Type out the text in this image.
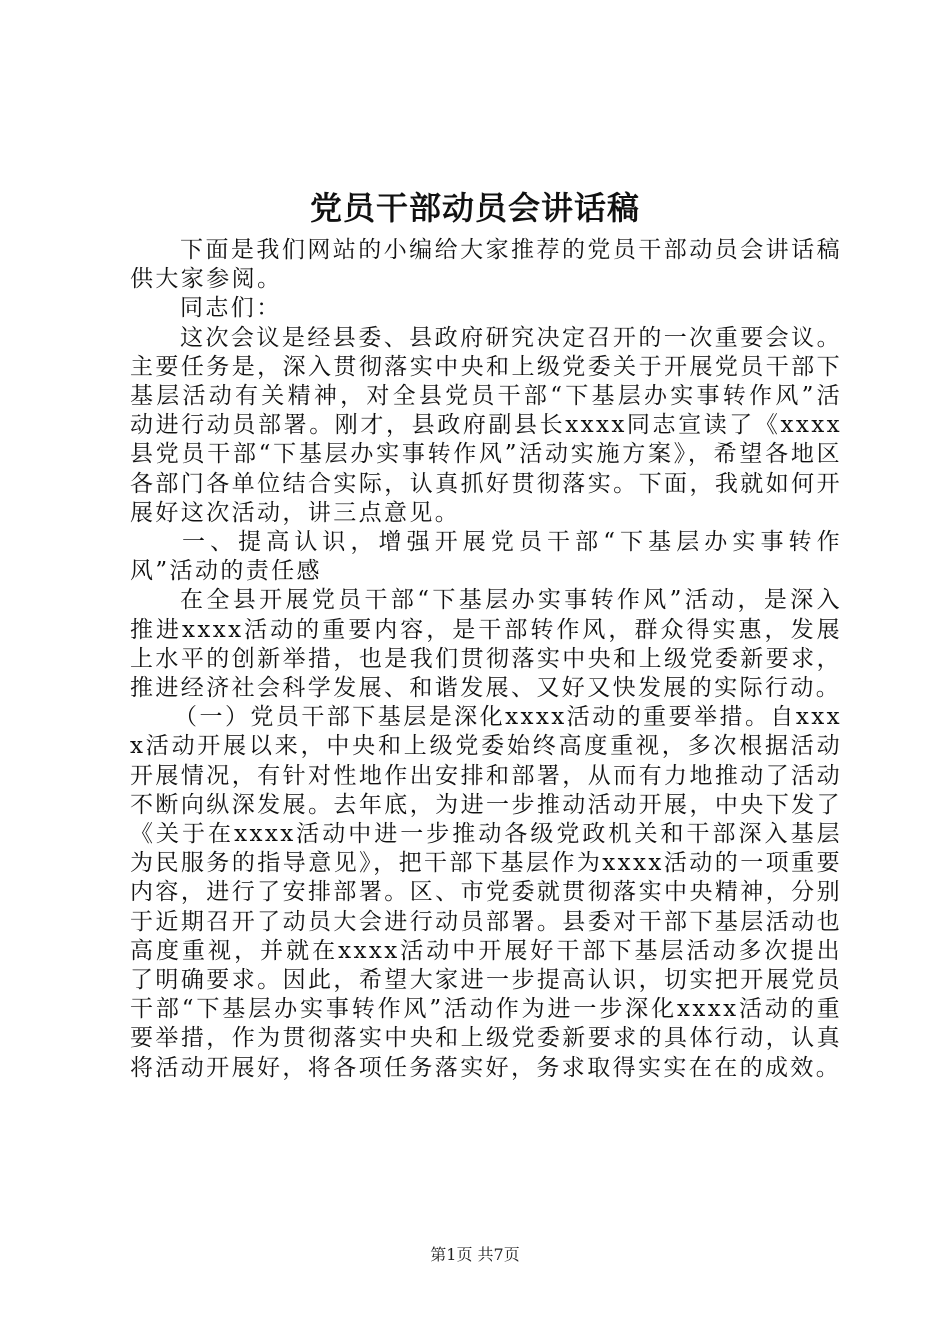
党员干部动员会讲话稿

下面是我们网站的小编给大家推荐的党员干部动员会讲话稿供大家参阅。

同志们：

这次会议是经县委、县政府研究决定召开的一次重要会议。主要任务是，深入贯彻落实中央和上级党委关于开展党员干部下基层活动有关精神，对全县党员干部“下基层办实事转作风”活动进行动员部署。刚才，县政府副县长xxxx同志宣读了《xxxx县党员干部“下基层办实事转作风”活动实施方案》，希望各地区各部门各单位结合实际，认真抓好贯彻落实。下面，我就如何开展好这次活动，讲三点意见。

一、提高认识，增强开展党员干部“下基层办实事转作风”活动的责任感

在全县开展党员干部“下基层办实事转作风”活动，是深入推进xxxx活动的重要内容，是干部转作风，群众得实惠，发展上水平的创新举措，也是我们贯彻落实中央和上级党委新要求，推进经济社会科学发展、和谐发展、又好又快发展的实际行动。

（一）党员干部下基层是深化xxxx活动的重要举措。自xxxx活动开展以来，中央和上级党委始终高度重视，多次根据活动开展情况，有针对性地作出安排和部署，从而有力地推动了活动不断向纵深发展。去年底，为进一步推动活动开展，中央下发了《关于在xxxx活动中进一步推动各级党政机关和干部深入基层为民服务的指导意见》，把干部下基层作为xxxx活动的一项重要内容，进行了安排部署。区、市党委就贯彻落实中央精神，分别于近期召开了动员大会进行动员部署。县委对干部下基层活动也高度重视，并就在xxxx活动中开展好干部下基层活动多次提出了明确要求。因此，希望大家进一步提高认识，切实把开展党员干部“下基层办实事转作风”活动作为进一步深化xxxx活动的重要举措，作为贯彻落实中央和上级党委新要求的具体行动，认真将活动开展好，将各项任务落实好，务求取得实实在在的成效。

第1页 共7页
